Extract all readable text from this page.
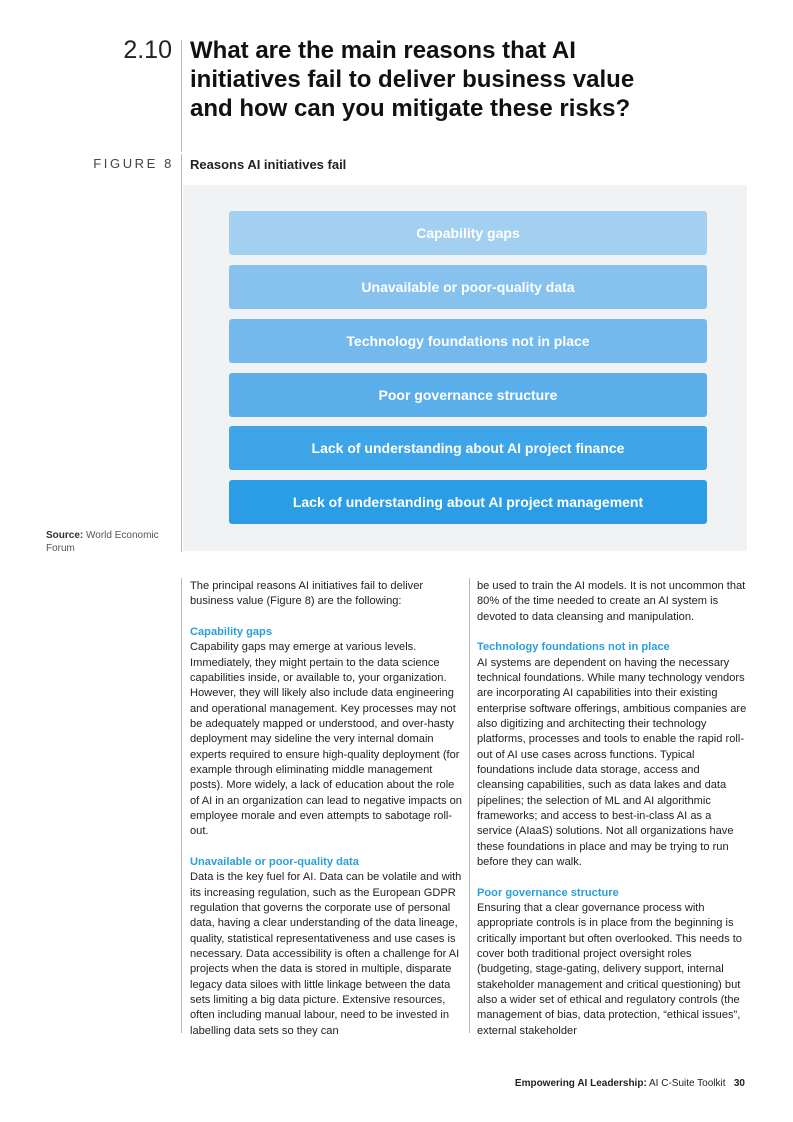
2.10 What are the main reasons that AI initiatives fail to deliver business value and how can you mitigate these risks?
FIGURE 8 Reasons AI initiatives fail
Capability gaps
Unavailable or poor-quality data
Technology foundations not in place
Poor governance structure
Lack of understanding about AI project finance
Lack of understanding about AI project management
Source: World Economic Forum

The principal reasons AI initiatives fail to deliver business value (Figure 8) are the following:

Capability gaps

Capability gaps may emerge at various levels. Immediately, they might pertain to the data science capabilities inside, or available to, your organization. However, they will likely also include data engineering and operational management. Key processes may not be adequately mapped or understood, and over-hasty deployment may sideline the very internal domain experts required to ensure high-quality deployment (for example through eliminating middle management posts). More widely, a lack of education about the role of AI in an organization can lead to negative impacts on employee morale and even attempts to sabotage roll-out.

Unavailable or poor-quality data

Data is the key fuel for AI. Data can be volatile and with its increasing regulation, such as the European GDPR regulation that governs the corporate use of personal data, having a clear understanding of the data lineage, quality, statistical representativeness and use cases is necessary. Data accessibility is often a challenge for AI projects when the data is stored in multiple, disparate legacy data siloes with little linkage between the data sets limiting a big data picture. Extensive resources, often including manual labour, need to be invested in labelling data sets so they can

be used to train the AI models. It is not uncommon that 80% of the time needed to create an AI system is devoted to data cleansing and manipulation.

Technology foundations not in place

AI systems are dependent on having the necessary technical foundations. While many technology vendors are incorporating AI capabilities into their existing enterprise software offerings, ambitious companies are also digitizing and architecting their technology platforms, processes and tools to enable the rapid roll-out of AI use cases across functions. Typical foundations include data storage, access and cleansing capabilities, such as data lakes and data pipelines; the selection of ML and AI algorithmic frameworks; and access to best-in-class AI as a service (AIaaS) solutions. Not all organizations have these foundations in place and may be trying to run before they can walk.

Poor governance structure

Ensuring that a clear governance process with appropriate controls is in place from the beginning is critically important but often overlooked. This needs to cover both traditional project oversight roles (budgeting, stage-gating, delivery support, internal stakeholder management and critical questioning) but also a wider set of ethical and regulatory controls (the management of bias, data protection, “ethical issues”, external stakeholder

Empowering AI Leadership: AI C-Suite Toolkit 30
